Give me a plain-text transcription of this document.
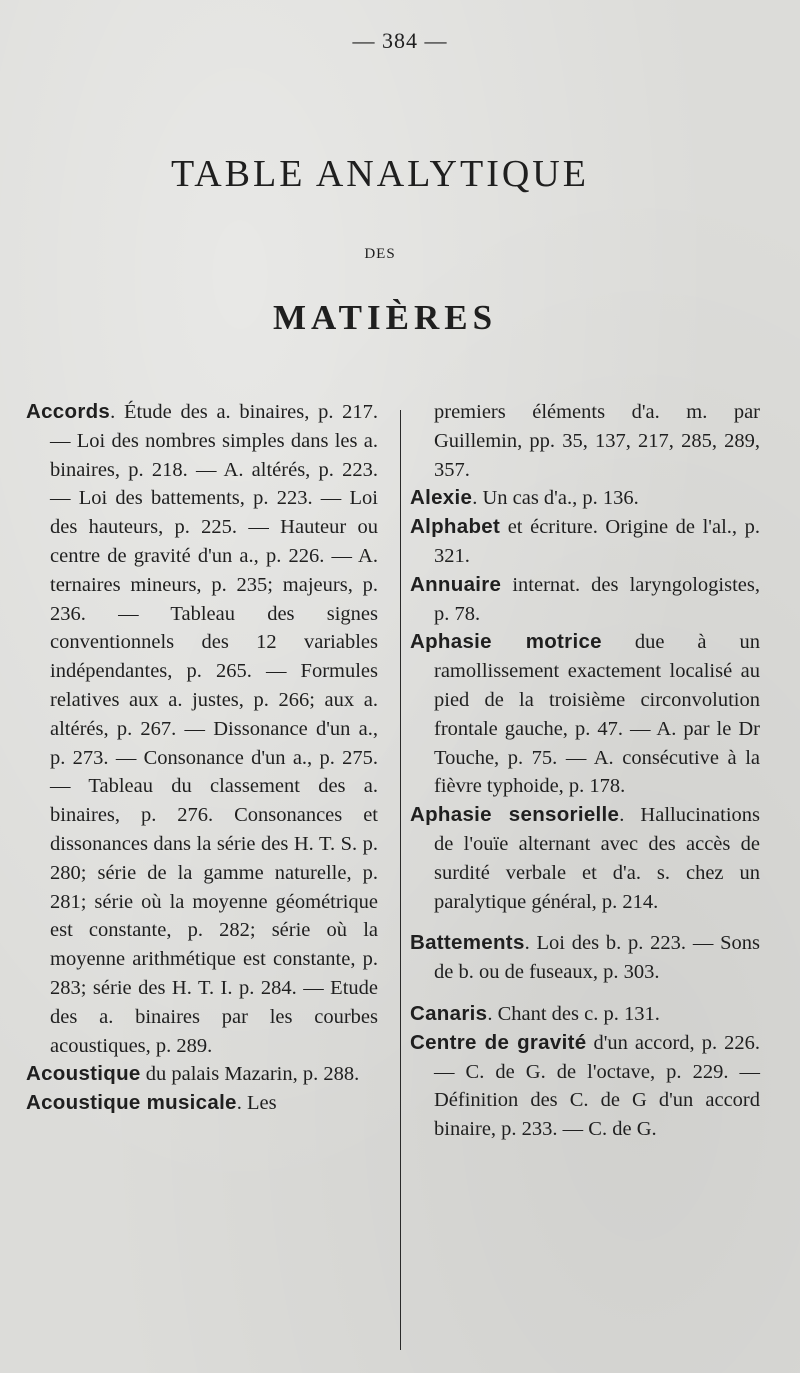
— 384 —
TABLE ANALYTIQUE
DES
MATIÈRES

Accords. Étude des a. binaires, p. 217. — Loi des nombres simples dans les a. binaires, p. 218. — A. altérés, p. 223. — Loi des battements, p. 223. — Loi des hauteurs, p. 225. — Hauteur ou centre de gravité d'un a., p. 226. — A. ternaires mineurs, p. 235; majeurs, p. 236. — Tableau des signes conventionnels des 12 variables indépendantes, p. 265. — Formules relatives aux a. justes, p. 266; aux a. altérés, p. 267. — Dissonance d'un a., p. 273. — Consonance d'un a., p. 275. — Tableau du classement des a. binaires, p. 276. Consonances et dissonances dans la série des H. T. S. p. 280; série de la gamme naturelle, p. 281; série où la moyenne géométrique est constante, p. 282; série où la moyenne arithmétique est constante, p. 283; série des H. T. I. p. 284. — Etude des a. binaires par les courbes acoustiques, p. 289.

Acoustique du palais Mazarin, p. 288.

Acoustique musicale. Les

premiers éléments d'a. m. par Guillemin, pp. 35, 137, 217, 285, 289, 357.

Alexie. Un cas d'a., p. 136.

Alphabet et écriture. Origine de l'al., p. 321.

Annuaire internat. des laryngologistes, p. 78.

Aphasie motrice due à un ramollissement exactement localisé au pied de la troisième circonvolution frontale gauche, p. 47. — A. par le Dr Touche, p. 75. — A. consécutive à la fièvre typhoide, p. 178.

Aphasie sensorielle. Hallucinations de l'ouïe alternant avec des accès de surdité verbale et d'a. s. chez un paralytique général, p. 214.

Battements. Loi des b. p. 223. — Sons de b. ou de fuseaux, p. 303.

Canaris. Chant des c. p. 131.

Centre de gravité d'un accord, p. 226. — C. de G. de l'octave, p. 229. — Définition des C. de G d'un accord binaire, p. 233. — C. de G.
